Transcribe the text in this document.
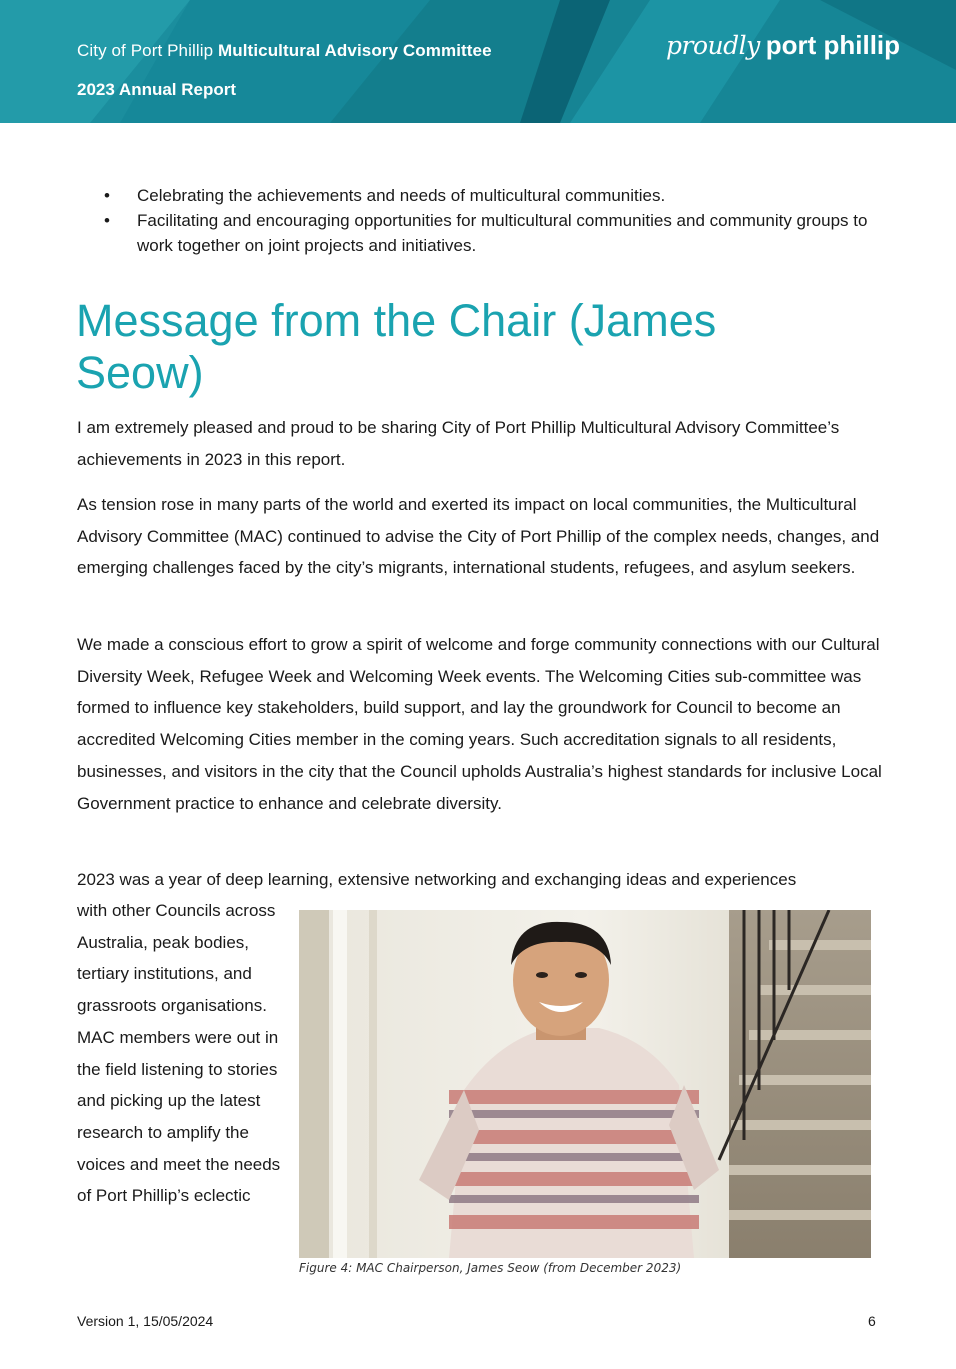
City of Port Phillip Multicultural Advisory Committee
2023 Annual Report
proudly port phillip
• Celebrating the achievements and needs of multicultural communities.
• Facilitating and encouraging opportunities for multicultural communities and community groups to work together on joint projects and initiatives.
Message from the Chair (James Seow)

I am extremely pleased and proud to be sharing City of Port Phillip Multicultural Advisory Committee’s achievements in 2023 in this report.

As tension rose in many parts of the world and exerted its impact on local communities, the Multicultural Advisory Committee (MAC) continued to advise the City of Port Phillip of the complex needs, changes, and emerging challenges faced by the city’s migrants, international students, refugees, and asylum seekers.

We made a conscious effort to grow a spirit of welcome and forge community connections with our Cultural Diversity Week, Refugee Week and Welcoming Week events. The Welcoming Cities sub-committee was formed to influence key stakeholders, build support, and lay the groundwork for Council to become an accredited Welcoming Cities member in the coming years. Such accreditation signals to all residents, businesses, and visitors in the city that the Council upholds Australia’s highest standards for inclusive Local Government practice to enhance and celebrate diversity.

2023 was a year of deep learning, extensive networking and exchanging ideas and experiences

with other Councils across Australia, peak bodies, tertiary institutions, and grassroots organisations. MAC members were out in the field listening to stories and picking up the latest research to amplify the voices and meet the needs of Port Phillip’s eclectic

Figure 4: MAC Chairperson, James Seow (from December 2023)
Version 1, 15/05/2024	6
